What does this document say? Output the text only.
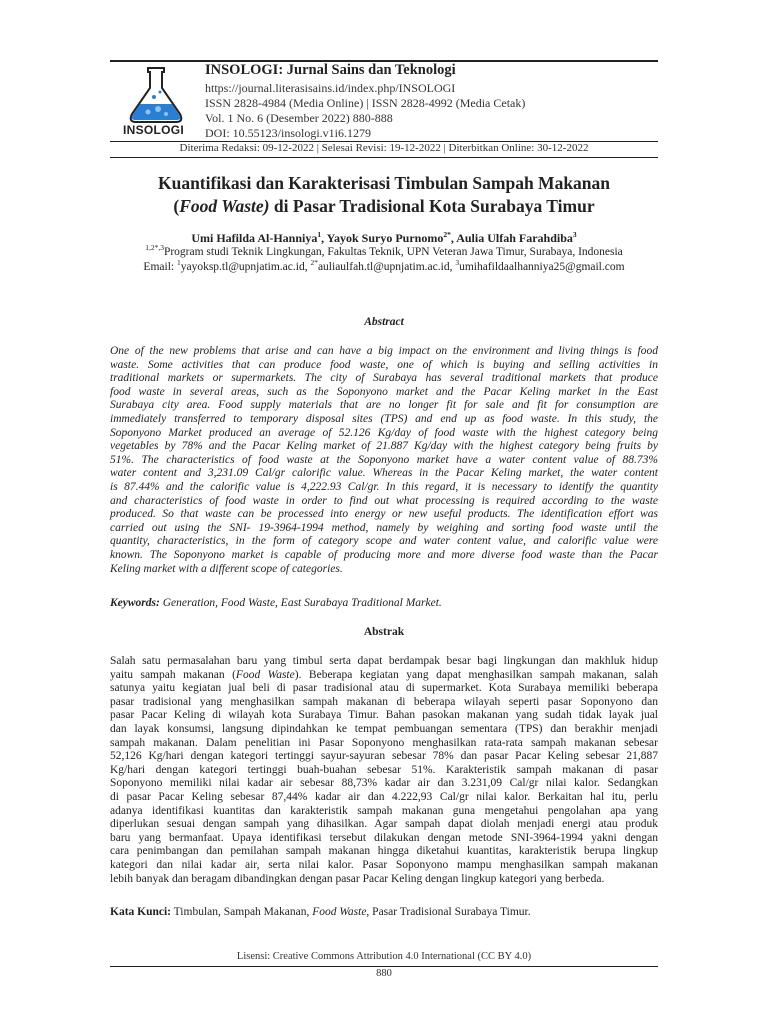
INSOLOGI
INSOLOGI: Jurnal Sains dan Teknologi
https://journal.literasisains.id/index.php/INSOLOGI
ISSN 2828-4984 (Media Online) | ISSN 2828-4992 (Media Cetak)
Vol. 1 No. 6 (Desember 2022) 880-888
DOI: 10.55123/insologi.v1i6.1279
Diterima Redaksi: 09-12-2022 | Selesai Revisi: 19-12-2022 | Diterbitkan Online: 30-12-2022
Kuantifikasi dan Karakterisasi Timbulan Sampah Makanan
(Food Waste) di Pasar Tradisional Kota Surabaya Timur
Umi Hafilda Al-Hanniya$^1$, Yayok Suryo Purnomo$^{2*}$, Aulia Ulfah Farahdiba$^3$
$^{1,2*,3}$Program studi Teknik Lingkungan, Fakultas Teknik, UPN Veteran Jawa Timur, Surabaya, Indonesia
Email: $^1$yayoksp.tl@upnjatim.ac.id, $^{2*}$auliaulfah.tl@upnjatim.ac.id, $^3$umihafildaalhanniya25@gmail.com
Abstract
One of the new problems that arise and can have a big impact on the environment and living things is food
waste. Some activities that can produce food waste, one of which is buying and selling activities in
traditional markets or supermarkets. The city of Surabaya has several traditional markets that produce
food waste in several areas, such as the Soponyono market and the Pacar Keling market in the East
Surabaya city area. Food supply materials that are no longer fit for sale and fit for consumption are
immediately transferred to temporary disposal sites (TPS) and end up as food waste. In this study, the
Soponyono Market produced an average of 52.126 Kg/day of food waste with the highest category being
vegetables by 78% and the Pacar Keling market of 21.887 Kg/day with the highest category being fruits by
51%. The characteristics of food waste at the Soponyono market have a water content value of 88.73%
water content and 3,231.09 Cal/gr calorific value. Whereas in the Pacar Keling market, the water content
is 87.44% and the calorific value is 4,222.93 Cal/gr. In this regard, it is necessary to identify the quantity
and characteristics of food waste in order to find out what processing is required according to the waste
produced. So that waste can be processed into energy or new useful products. The identification effort was
carried out using the SNI- 19-3964-1994 method, namely by weighing and sorting food waste until the
quantity, characteristics, in the form of category scope and water content value, and calorific value were
known. The Soponyono market is capable of producing more and more diverse food waste than the Pacar
Keling market with a different scope of categories.
Keywords: Generation, Food Waste, East Surabaya Traditional Market.
Abstrak
Salah satu permasalahan baru yang timbul serta dapat berdampak besar bagi lingkungan dan makhluk hidup
yaitu sampah makanan (Food Waste). Beberapa kegiatan yang dapat menghasilkan sampah makanan, salah
satunya yaitu kegiatan jual beli di pasar tradisional atau di supermarket. Kota Surabaya memiliki beberapa
pasar tradisional yang menghasilkan sampah makanan di beberapa wilayah seperti pasar Soponyono dan
pasar Pacar Keling di wilayah kota Surabaya Timur. Bahan pasokan makanan yang sudah tidak layak jual
dan layak konsumsi, langsung dipindahkan ke tempat pembuangan sementara (TPS) dan berakhir menjadi
sampah makanan. Dalam penelitian ini Pasar Soponyono menghasilkan rata-rata sampah makanan sebesar
52,126 Kg/hari dengan kategori tertinggi sayur-sayuran sebesar 78% dan pasar Pacar Keling sebesar 21,887
Kg/hari dengan kategori tertinggi buah-buahan sebesar 51%. Karakteristik sampah makanan di pasar
Soponyono memiliki nilai kadar air sebesar 88,73% kadar air dan 3.231,09 Cal/gr nilai kalor. Sedangkan
di pasar Pacar Keling sebesar 87,44% kadar air dan 4.222,93 Cal/gr nilai kalor. Berkaitan hal itu, perlu
adanya identifikasi kuantitas dan karakteristik sampah makanan guna mengetahui pengolahan apa yang
diperlukan sesuai dengan sampah yang dihasilkan. Agar sampah dapat diolah menjadi energi atau produk
baru yang bermanfaat. Upaya identifikasi tersebut dilakukan dengan metode SNI-3964-1994 yakni dengan
cara penimbangan dan pemilahan sampah makanan hingga diketahui kuantitas, karakteristik berupa lingkup
kategori dan nilai kadar air, serta nilai kalor. Pasar Soponyono mampu menghasilkan sampah makanan
lebih banyak dan beragam dibandingkan dengan pasar Pacar Keling dengan lingkup kategori yang berbeda.
Kata Kunci: Timbulan, Sampah Makanan, Food Waste, Pasar Tradisional Surabaya Timur.
Lisensi: Creative Commons Attribution 4.0 International (CC BY 4.0)
880
